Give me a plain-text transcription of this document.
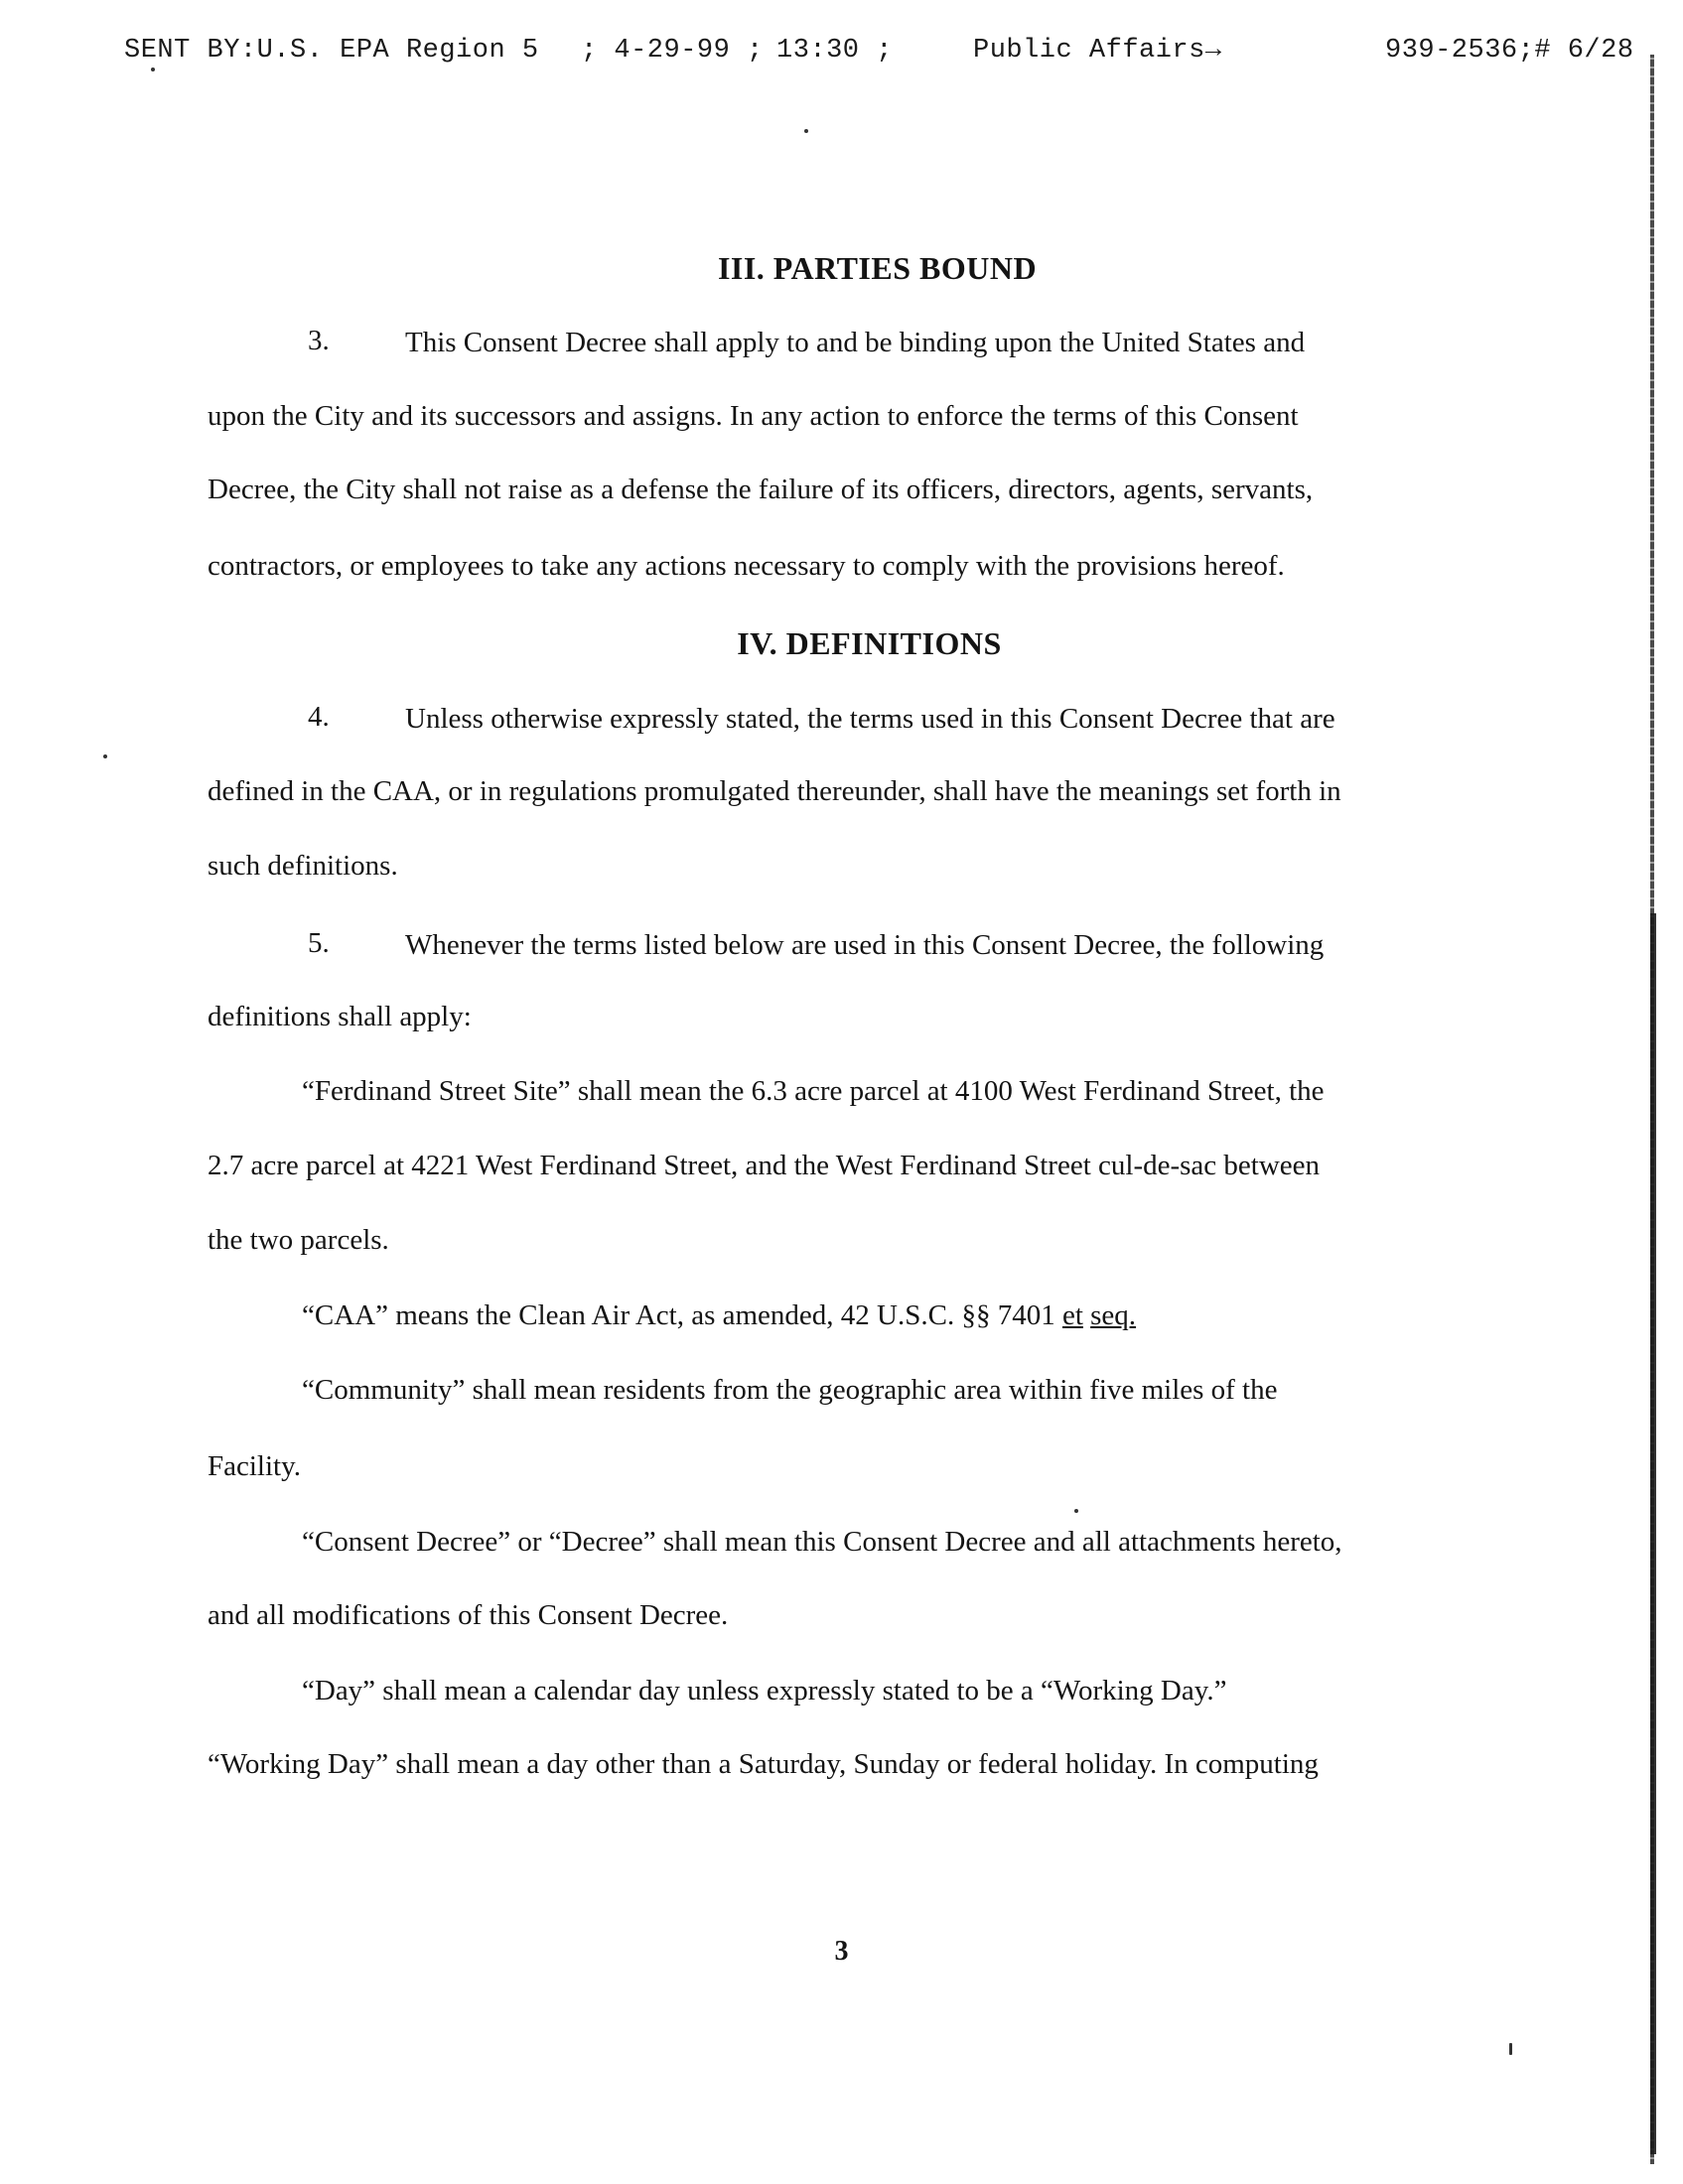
SENT BY:U.S. EPA Region 5 ; 4-29-99 ; 13:30 ;	Public Affairs→	939-2536;# 6/28
III. PARTIES BOUND
3.	This Consent Decree shall apply to and be binding upon the United States and
upon the City and its successors and assigns. In any action to enforce the terms of this Consent
Decree, the City shall not raise as a defense the failure of its officers, directors, agents, servants,
contractors, or employees to take any actions necessary to comply with the provisions hereof.
IV. DEFINITIONS
4.	Unless otherwise expressly stated, the terms used in this Consent Decree that are
defined in the CAA, or in regulations promulgated thereunder, shall have the meanings set forth in
such definitions.
5.	Whenever the terms listed below are used in this Consent Decree, the following
definitions shall apply:
“Ferdinand Street Site” shall mean the 6.3 acre parcel at 4100 West Ferdinand Street, the
2.7 acre parcel at 4221 West Ferdinand Street, and the West Ferdinand Street cul-de-sac between
the two parcels.
“CAA” means the Clean Air Act, as amended, 42 U.S.C. §§ 7401 et seq.
“Community” shall mean residents from the geographic area within five miles of the
Facility.
“Consent Decree” or “Decree” shall mean this Consent Decree and all attachments hereto,
and all modifications of this Consent Decree.
“Day” shall mean a calendar day unless expressly stated to be a “Working Day.”
“Working Day” shall mean a day other than a Saturday, Sunday or federal holiday. In computing
3
